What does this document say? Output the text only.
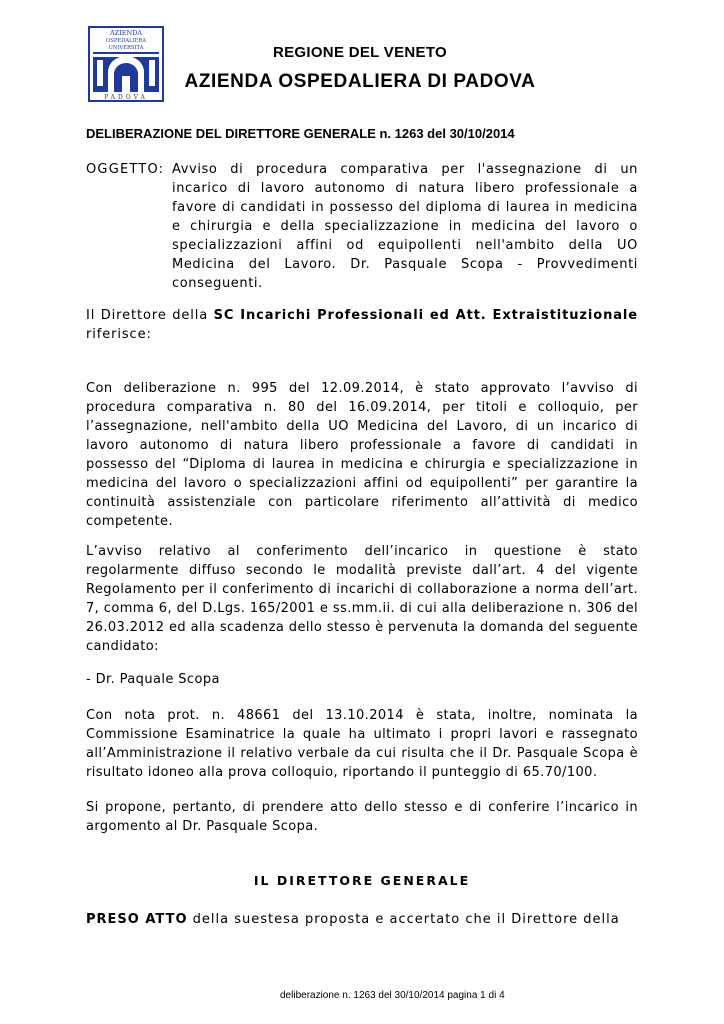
AZIENDA
OSPEDALIERA
UNIVERSITÀ
PADOVA
REGIONE DEL VENETO
AZIENDA OSPEDALIERA DI PADOVA
DELIBERAZIONE DEL DIRETTORE GENERALE n. 1263 del 30/10/2014
OGGETTO: Avviso di procedura comparativa per l'assegnazione di un incarico di lavoro autonomo di natura libero professionale a favore di candidati in possesso del diploma di laurea in medicina e chirurgia e della specializzazione in medicina del lavoro o specializzazioni affini od equipollenti nell'ambito della UO Medicina del Lavoro. Dr. Pasquale Scopa - Provvedimenti conseguenti.
Il Direttore della SC Incarichi Professionali ed Att. Extraistituzionale riferisce:
Con deliberazione n. 995 del 12.09.2014, è stato approvato l’avviso di procedura comparativa n. 80 del 16.09.2014, per titoli e colloquio, per l’assegnazione, nell'ambito della UO Medicina del Lavoro, di un incarico di lavoro autonomo di natura libero professionale a favore di candidati in possesso del “Diploma di laurea in medicina e chirurgia e specializzazione in medicina del lavoro o specializzazioni affini od equipollenti” per garantire la continuità assistenziale con particolare riferimento all’attività di medico competente.
L’avviso relativo al conferimento dell’incarico in questione è stato regolarmente diffuso secondo le modalità previste dall’art. 4 del vigente Regolamento per il conferimento di incarichi di collaborazione a norma dell’art. 7, comma 6, del D.Lgs. 165/2001 e ss.mm.ii. di cui alla deliberazione n. 306 del 26.03.2012 ed alla scadenza dello stesso è pervenuta la domanda del seguente candidato:
- Dr. Paquale Scopa
Con nota prot. n. 48661 del 13.10.2014 è stata, inoltre, nominata la Commissione Esaminatrice la quale ha ultimato i propri lavori e rassegnato all’Amministrazione il relativo verbale da cui risulta che il Dr. Pasquale Scopa è risultato idoneo alla prova colloquio, riportando il punteggio di 65.70/100.
Si propone, pertanto, di prendere atto dello stesso e di conferire l’incarico in argomento al Dr. Pasquale Scopa.
IL DIRETTORE GENERALE
PRESO ATTO della suestesa proposta e accertato che il Direttore della
deliberazione n. 1263 del 30/10/2014 pagina 1 di 4
